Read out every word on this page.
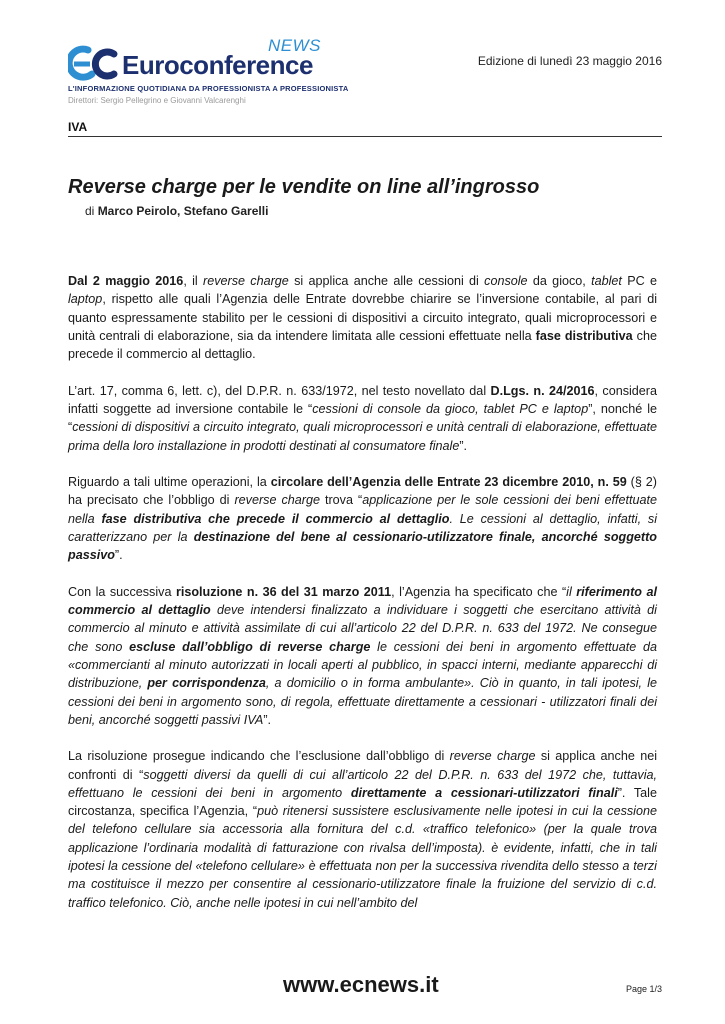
Euroconference
NEWS
L'INFORMAZIONE QUOTIDIANA DA PROFESSIONISTA A PROFESSIONISTA
Direttori: Sergio Pellegrino e Giovanni Valcarenghi
Edizione di lunedì 23 maggio 2016
IVA
Reverse charge per le vendite on line all’ingrosso
di Marco Peirolo, Stefano Garelli

Dal 2 maggio 2016, il reverse charge si applica anche alle cessioni di console da gioco, tablet PC e laptop, rispetto alle quali l’Agenzia delle Entrate dovrebbe chiarire se l’inversione contabile, al pari di quanto espressamente stabilito per le cessioni di dispositivi a circuito integrato, quali microprocessori e unità centrali di elaborazione, sia da intendere limitata alle cessioni effettuate nella fase distributiva che precede il commercio al dettaglio.

L’art. 17, comma 6, lett. c), del D.P.R. n. 633/1972, nel testo novellato dal D.Lgs. n. 24/2016, considera infatti soggette ad inversione contabile le “cessioni di console da gioco, tablet PC e laptop”, nonché le “cessioni di dispositivi a circuito integrato, quali microprocessori e unità centrali di elaborazione, effettuate prima della loro installazione in prodotti destinati al consumatore finale”.

Riguardo a tali ultime operazioni, la circolare dell’Agenzia delle Entrate 23 dicembre 2010, n. 59 (§ 2) ha precisato che l’obbligo di reverse charge trova “applicazione per le sole cessioni dei beni effettuate nella fase distributiva che precede il commercio al dettaglio. Le cessioni al dettaglio, infatti, si caratterizzano per la destinazione del bene al cessionario-utilizzatore finale, ancorché soggetto passivo”.

Con la successiva risoluzione n. 36 del 31 marzo 2011, l’Agenzia ha specificato che “il riferimento al commercio al dettaglio deve intendersi finalizzato a individuare i soggetti che esercitano attività di commercio al minuto e attività assimilate di cui all’articolo 22 del D.P.R. n. 633 del 1972. Ne consegue che sono escluse dall’obbligo di reverse charge le cessioni dei beni in argomento effettuate da «commercianti al minuto autorizzati in locali aperti al pubblico, in spacci interni, mediante apparecchi di distribuzione, per corrispondenza, a domicilio o in forma ambulante». Ciò in quanto, in tali ipotesi, le cessioni dei beni in argomento sono, di regola, effettuate direttamente a cessionari - utilizzatori finali dei beni, ancorché soggetti passivi IVA”.

La risoluzione prosegue indicando che l’esclusione dall’obbligo di reverse charge si applica anche nei confronti di “soggetti diversi da quelli di cui all’articolo 22 del D.P.R. n. 633 del 1972 che, tuttavia, effettuano le cessioni dei beni in argomento direttamente a cessionari-utilizzatori finali”. Tale circostanza, specifica l’Agenzia, “può ritenersi sussistere esclusivamente nelle ipotesi in cui la cessione del telefono cellulare sia accessoria alla fornitura del c.d. «traffico telefonico» (per la quale trova applicazione l’ordinaria modalità di fatturazione con rivalsa dell’imposta). è evidente, infatti, che in tali ipotesi la cessione del «telefono cellulare» è effettuata non per la successiva rivendita dello stesso a terzi ma costituisce il mezzo per consentire al cessionario-utilizzatore finale la fruizione del servizio di c.d. traffico telefonico. Ciò, anche nelle ipotesi in cui nell’ambito del

www.ecnews.it	Page 1/3
